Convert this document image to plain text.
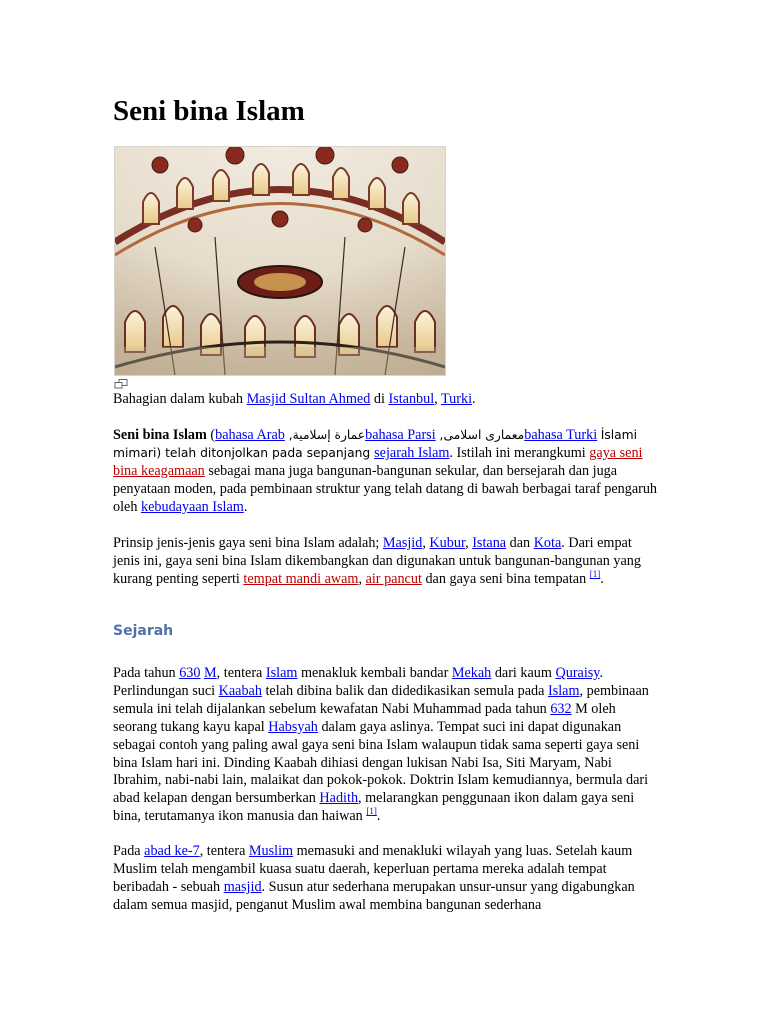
Seni bina Islam

Bahagian dalam kubah Masjid Sultan Ahmed di Istanbul, Turki.

Seni bina Islam (bahasa Arab ,عمارة إسلاميةbahasa Parsi ,معماری اسلامیbahasa Turki İslami mimari) telah ditonjolkan pada sepanjang sejarah Islam. Istilah ini merangkumi gaya seni bina keagamaan sebagai mana juga bangunan-bangunan sekular, dan bersejarah dan juga penyataan moden, pada pembinaan struktur yang telah datang di bawah berbagai taraf pengaruh oleh kebudayaan Islam.

Prinsip jenis-jenis gaya seni bina Islam adalah; Masjid, Kubur, Istana dan Kota. Dari empat jenis ini, gaya seni bina Islam dikembangkan dan digunakan untuk bangunan-bangunan yang kurang penting seperti tempat mandi awam, air pancut dan gaya seni bina tempatan [1].

Sejarah

Pada tahun 630 M, tentera Islam menakluk kembali bandar Mekah dari kaum Quraisy. Perlindungan suci Kaabah telah dibina balik dan didedikasikan semula pada Islam, pembinaan semula ini telah dijalankan sebelum kewafatan Nabi Muhammad pada tahun 632 M oleh seorang tukang kayu kapal Habsyah dalam gaya aslinya. Tempat suci ini dapat digunakan sebagai contoh yang paling awal gaya seni bina Islam walaupun tidak sama seperti gaya seni bina Islam hari ini. Dinding Kaabah dihiasi dengan lukisan Nabi Isa, Siti Maryam, Nabi Ibrahim, nabi-nabi lain, malaikat dan pokok-pokok. Doktrin Islam kemudiannya, bermula dari abad kelapan dengan bersumberkan Hadith, melarangkan penggunaan ikon dalam gaya seni bina, terutamanya ikon manusia dan haiwan [1].

Pada abad ke-7, tentera Muslim memasuki and menakluki wilayah yang luas. Setelah kaum Muslim telah mengambil kuasa suatu daerah, keperluan pertama mereka adalah tempat beribadah - sebuah masjid. Susun atur sederhana merupakan unsur-unsur yang digabungkan dalam semua masjid, penganut Muslim awal membina bangunan sederhana
